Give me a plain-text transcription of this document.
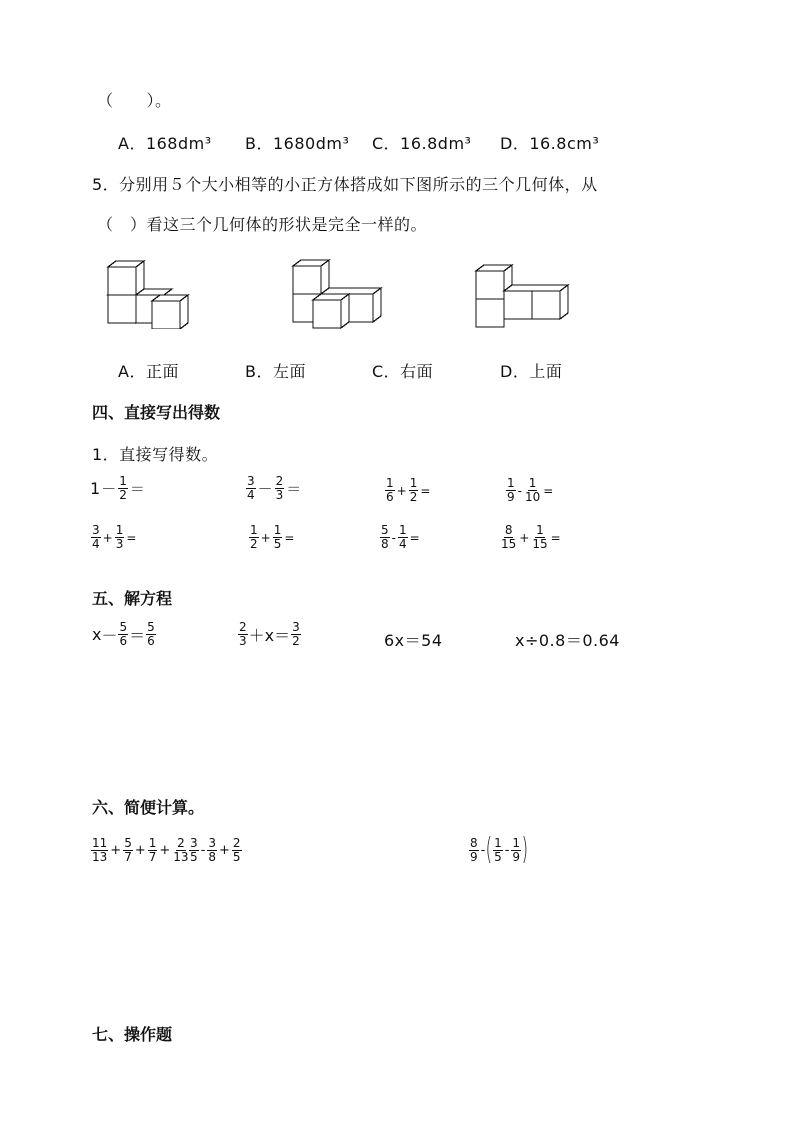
（　　）。
A．168dm³ B．1680dm³ C．16.8dm³ D．16.8cm³
5．分别用５个大小相等的小正方体搭成如下图所示的三个几何体，从
（　）看这三个几何体的形状是完全一样的。
A．正面	B．左面	C．右面	D．上面
四、直接写出得数
1．直接写得数。
$1 - \frac{1}{2}$ ＝	$\frac{3}{4} - \frac{2}{3}$ ＝	$\frac{1}{6} + \frac{1}{2}$ =	$\frac{1}{9} - \frac{1}{10}$ =
$\frac{3}{4} + \frac{1}{3}$ =	$\frac{1}{2} + \frac{1}{5}$ =	$\frac{5}{8} - \frac{1}{4}$ =	$\frac{8}{15} + \frac{1}{15}$ =
五、解方程
$x - \frac{5}{6} = \frac{5}{6}$	$\frac{2}{3} +x= \frac{3}{2}$	6x＝54	x÷0.8＝0.64
六、简便计算。
$\frac{11}{13} + \frac{5}{7} + \frac{1}{7} + \frac{2}{13} \frac{3}{5} - \frac{3}{8} + \frac{2}{5}$	$\frac{8}{9}$ - ( $\frac{1}{5} - \frac{1}{9}$ )
七、操作题
